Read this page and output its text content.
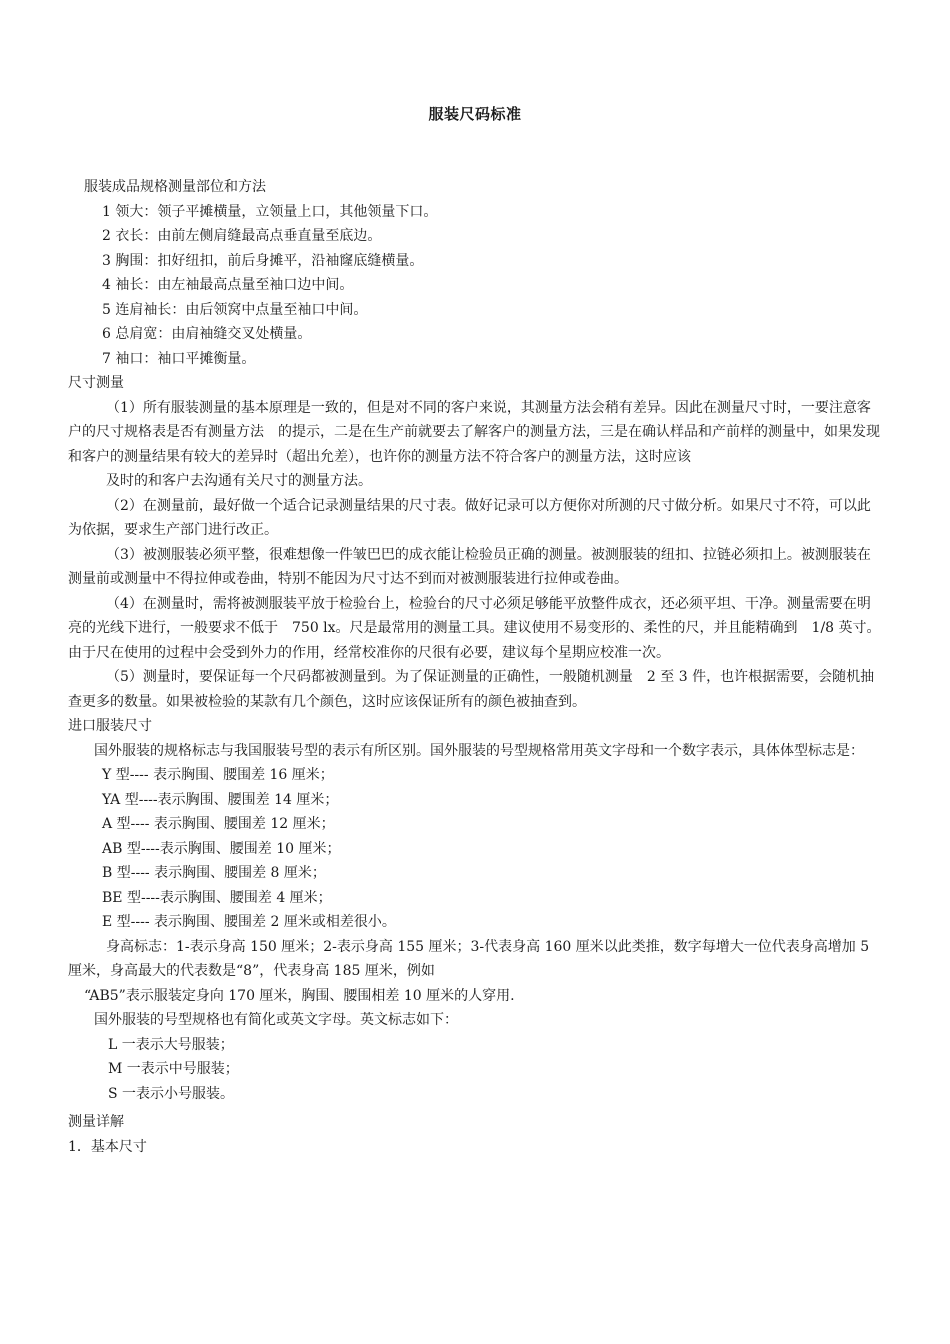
服装尺码标准

服装成品规格测量部位和方法

1 领大：领子平摊横量，立领量上口，其他领量下口。

2 衣长：由前左侧肩缝最高点垂直量至底边。

3 胸围：扣好纽扣，前后身摊平，沿袖窿底缝横量。

4 袖长：由左袖最高点量至袖口边中间。

5 连肩袖长：由后领窝中点量至袖口中间。

6 总肩宽：由肩袖缝交叉处横量。

7 袖口：袖口平摊衡量。

尺寸测量

（1）所有服装测量的基本原理是一致的，但是对不同的客户来说，其测量方法会稍有差异。因此在测量尺寸时，一要注意客户的尺寸规格表是否有测量方法　的提示，二是在生产前就要去了解客户的测量方法，三是在确认样品和产前样的测量中，如果发现和客户的测量结果有较大的差异时（超出允差），也许你的测量方法不符合客户的测量方法，这时应该

及时的和客户去沟通有关尺寸的测量方法。

（2）在测量前，最好做一个适合记录测量结果的尺寸表。做好记录可以方便你对所测的尺寸做分析。如果尺寸不符，可以此为依据，要求生产部门进行改正。

（3）被测服装必须平整，很难想像一件皱巴巴的成衣能让检验员正确的测量。被测服装的纽扣、拉链必须扣上。被测服装在测量前或测量中不得拉伸或卷曲，特别不能因为尺寸达不到而对被测服装进行拉伸或卷曲。

（4）在测量时，需将被测服装平放于检验台上，检验台的尺寸必须足够能平放整件成衣，还必须平坦、干净。测量需要在明亮的光线下进行，一般要求不低于　750 lx。尺是最常用的测量工具。建议使用不易变形的、柔性的尺，并且能精确到　1/8 英寸。由于尺在使用的过程中会受到外力的作用，经常校准你的尺很有必要，建议每个星期应校准一次。

（5）测量时，要保证每一个尺码都被测量到。为了保证测量的正确性，一般随机测量　2 至 3 件，也许根据需要，会随机抽查更多的数量。如果被检验的某款有几个颜色，这时应该保证所有的颜色被抽查到。

进口服装尺寸

国外服装的规格标志与我国服装号型的表示有所区别。国外服装的号型规格常用英文字母和一个数字表示，具体体型标志是：

Y 型---- 表示胸围、腰围差 16 厘米；

YA 型----表示胸围、腰围差 14 厘米；

A 型---- 表示胸围、腰围差 12 厘米；

AB 型----表示胸围、腰围差 10 厘米；

B 型---- 表示胸围、腰围差 8 厘米；

BE 型----表示胸围、腰围差 4 厘米；

E 型---- 表示胸围、腰围差 2 厘米或相差很小。

身高标志：1-表示身高 150 厘米；2-表示身高 155 厘米；3-代表身高 160 厘米以此类推，数字每增大一位代表身高增加 5 厘米，身高最大的代表数是“8”，代表身高 185 厘米，例如

“AB5”表示服装定身向 170 厘米，胸围、腰围相差 10 厘米的人穿用.

国外服装的号型规格也有简化或英文字母。英文标志如下：

L 一表示大号服装；

M 一表示中号服装；

S 一表示小号服装。

测量详解

1．基本尺寸
